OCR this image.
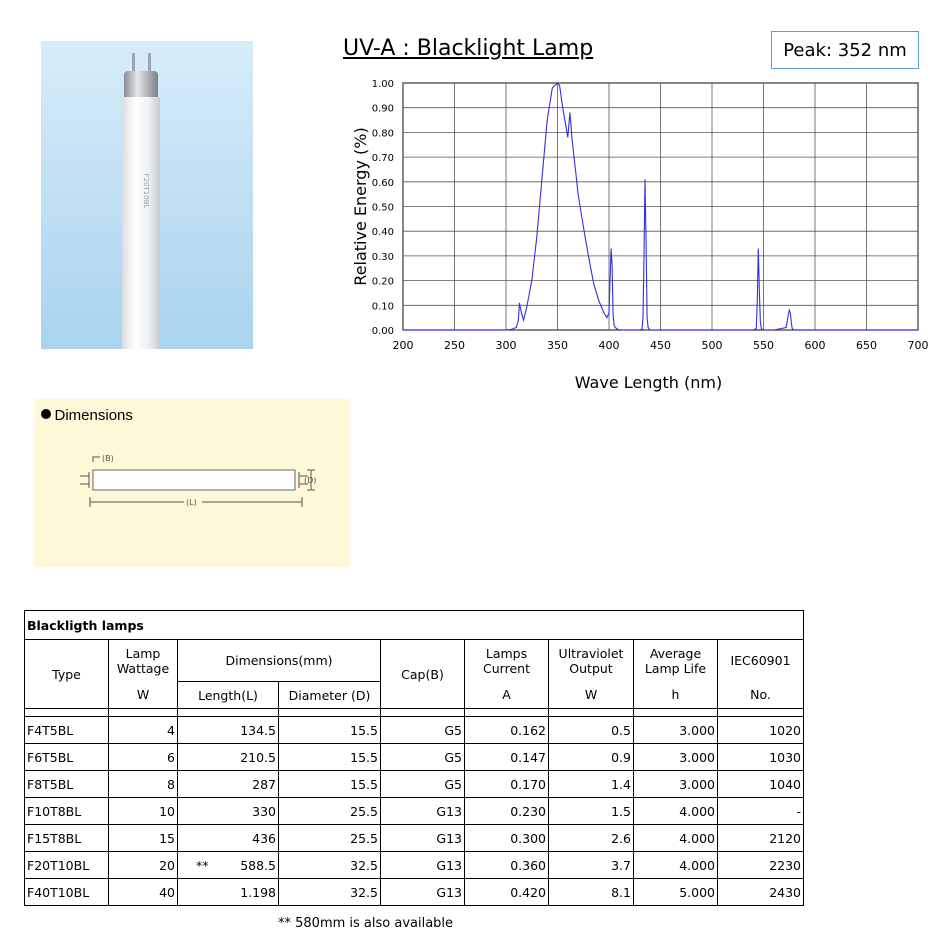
F20T10BL
UV-A : Blacklight Lamp	Peak: 352 nm
200	250	300	350	400	450	500	550	600	650	700
0.00
0.10
0.20
0.30
0.40
0.50
0.60
0.70
0.80
0.90
1.00
Relative Energy (%)
Wave Length (nm)
(B)
(L)
(D)
Dimensions
Blackligth lamps								
Type	Lamp Wattage	Dimensions(mm)		Cap(B)	Lamps Current	Ultraviolet Output	Average Lamp Life	IEC60901
	W	Length(L)	Diameter (D)		A	W	h	No.

F4T5BL	4	134.5	15.5	G5	0.162	0.5	3.000	1020
F6T5BL	6	210.5	15.5	G5	0.147	0.9	3.000	1030
F8T5BL	8	287	15.5	G5	0.170	1.4	3.000	1040
F10T8BL	10	330	25.5	G13	0.230	1.5	4.000	-
F15T8BL	15	436	25.5	G13	0.300	2.6	4.000	2120
F20T10BL	20	** 588.5	32.5	G13	0.360	3.7	4.000	2230
F40T10BL	40	1.198	32.5	G13	0.420	8.1	5.000	2430
** 580mm is also available
